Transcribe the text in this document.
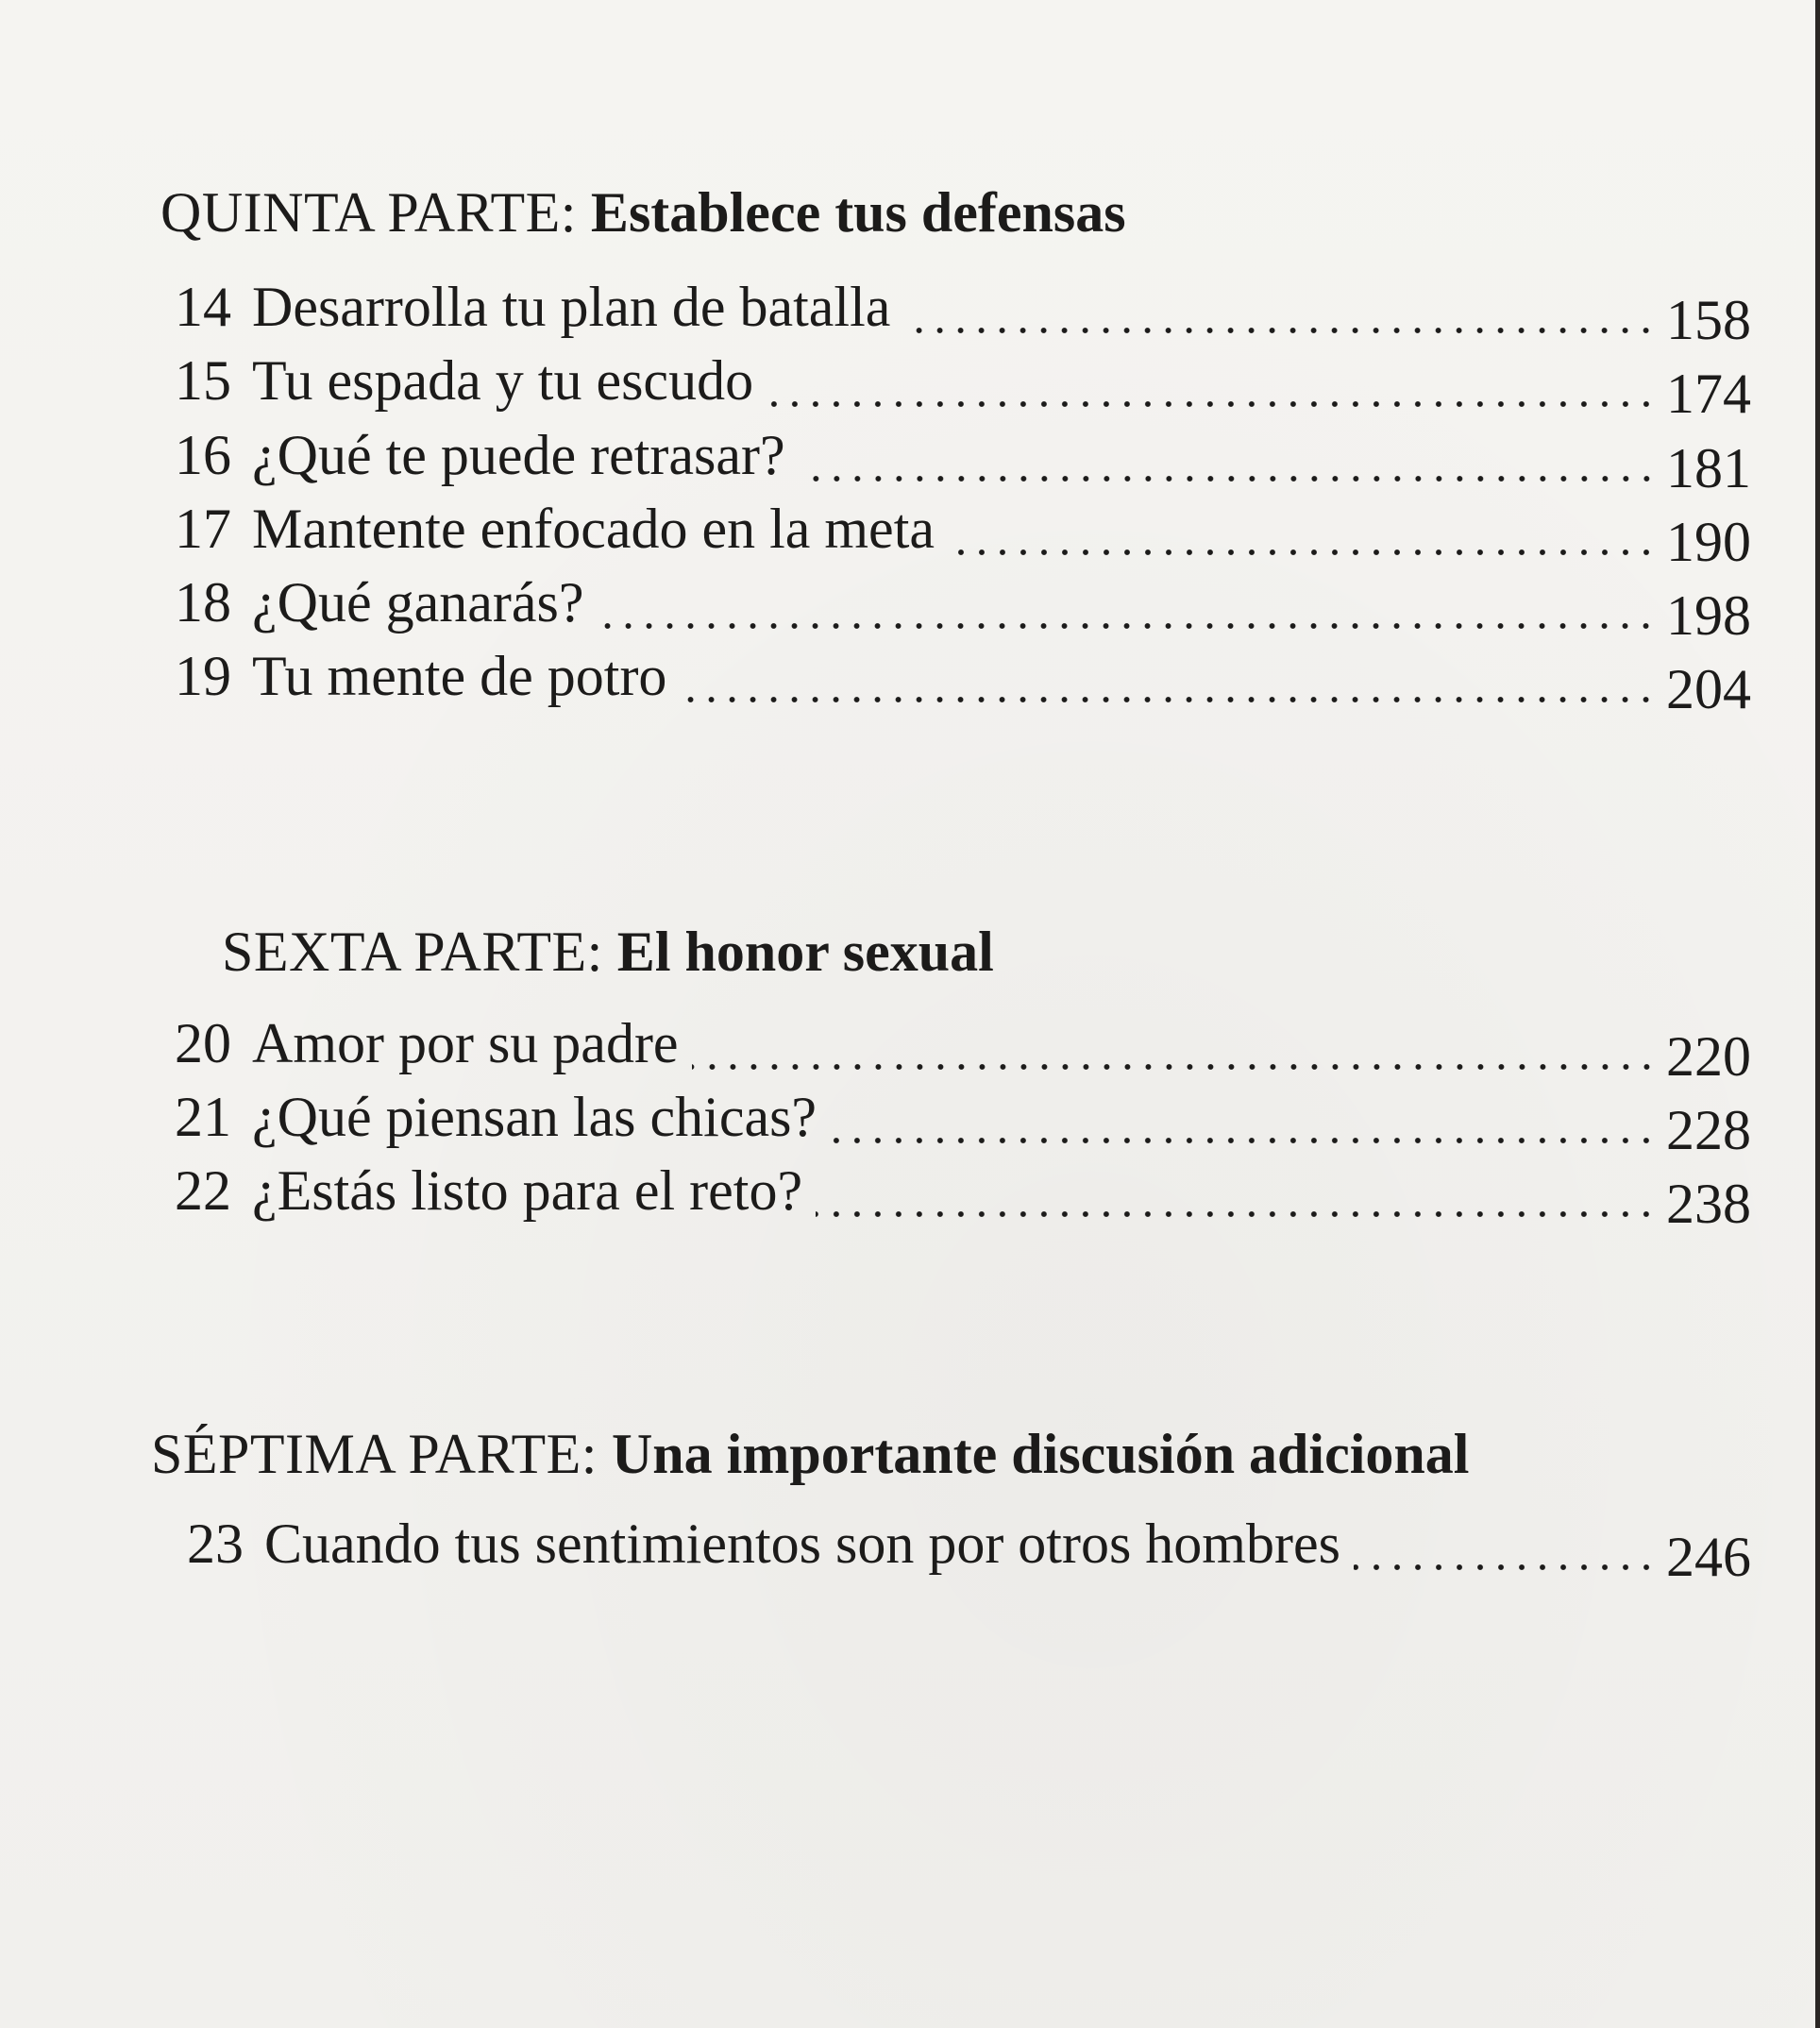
QUINTA PARTE: Establece tus defensas
14 Desarrolla tu plan de batalla	158
15 Tu espada y tu escudo	174
16 ¿Qué te puede retrasar?	181
17 Mantente enfocado en la meta	190
18 ¿Qué ganarás?	198
19 Tu mente de potro	204
SEXTA PARTE: El honor sexual
20 Amor por su padre	220
21 ¿Qué piensan las chicas?	228
22 ¿Estás listo para el reto?	238
SÉPTIMA PARTE: Una importante discusión adicional
23 Cuando tus sentimientos son por otros hombres	246
